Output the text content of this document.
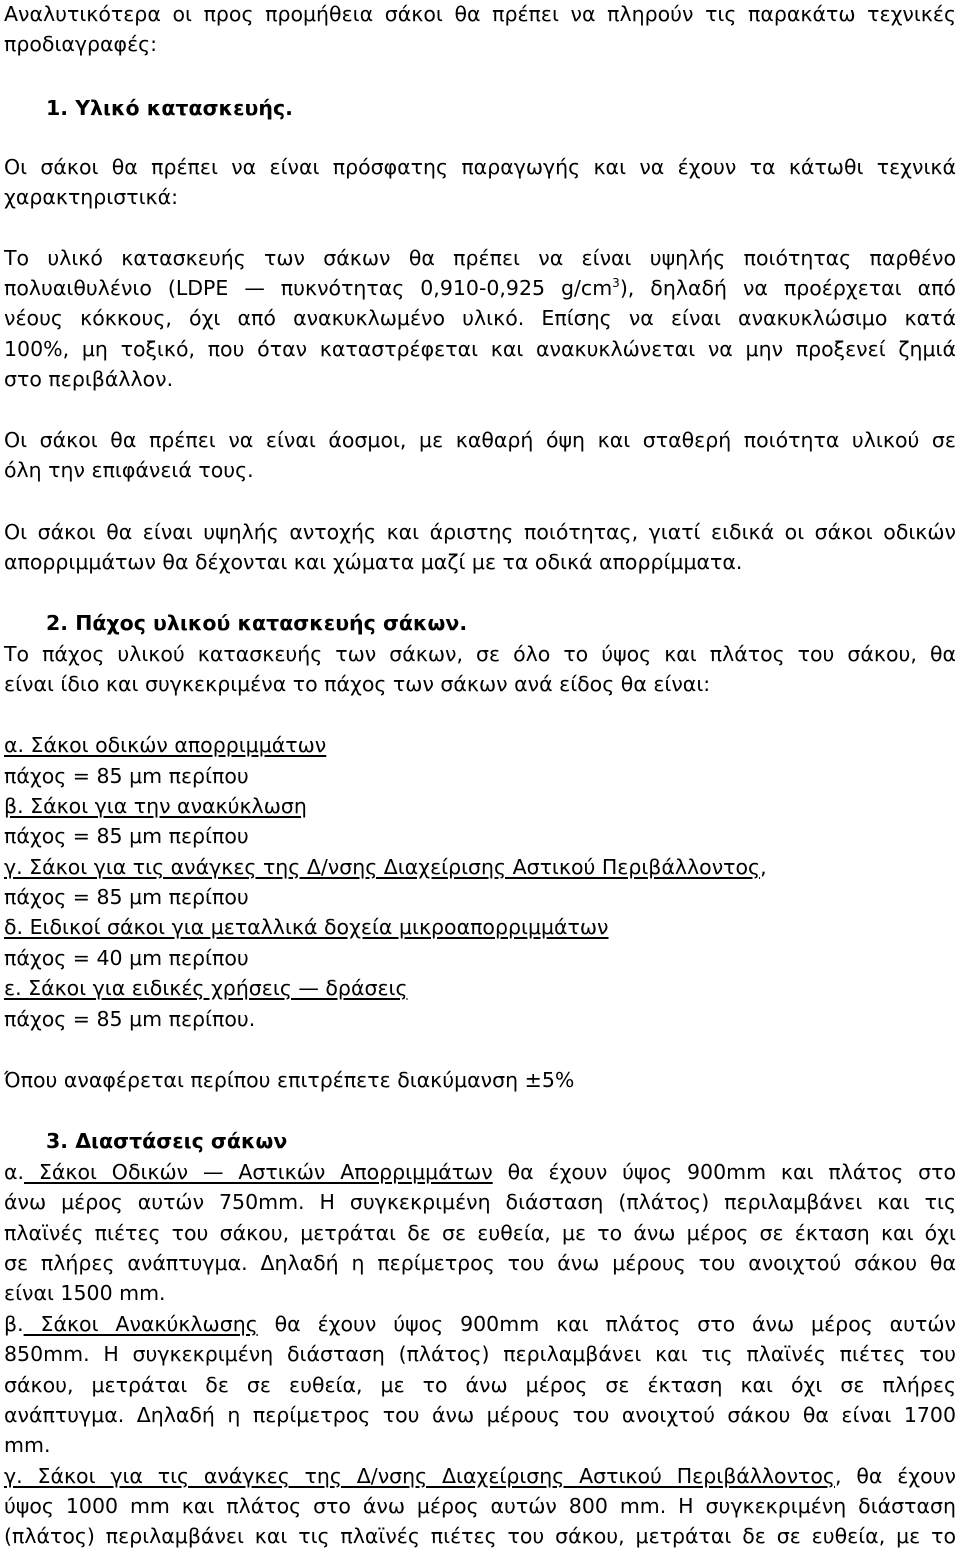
Αναλυτικότερα οι προς προμήθεια σάκοι θα πρέπει να πληρούν τις παρακάτω τεχνικές
προδιαγραφές:
1. Υλικό κατασκευής.
Οι σάκοι θα πρέπει να είναι πρόσφατης παραγωγής και να έχουν τα κάτωθι τεχνικά
χαρακτηριστικά:
Το υλικό κατασκευής των σάκων θα πρέπει να είναι υψηλής ποιότητας παρθένο
πολυαιθυλένιο (LDPE — πυκνότητας 0,910-0,925 $g/cm^3$), δηλαδή να προέρχεται από
νέους κόκκους, όχι από ανακυκλωμένο υλικό. Επίσης να είναι ανακυκλώσιμο κατά
100%, μη τοξικό, που όταν καταστρέφεται και ανακυκλώνεται να μην προξενεί ζημιά
στο περιβάλλον.
Οι σάκοι θα πρέπει να είναι άοσμοι, με καθαρή όψη και σταθερή ποιότητα υλικού σε
όλη την επιφάνειά τους.
Οι σάκοι θα είναι υψηλής αντοχής και άριστης ποιότητας, γιατί ειδικά οι σάκοι οδικών
απορριμμάτων θα δέχονται και χώματα μαζί με τα οδικά απορρίμματα.
2. Πάχος υλικού κατασκευής σάκων.
Το πάχος υλικού κατασκευής των σάκων, σε όλο το ύψος και πλάτος του σάκου, θα
είναι ίδιο και συγκεκριμένα το πάχος των σάκων ανά είδος θα είναι:
α. Σάκοι οδικών απορριμμάτων
πάχος = 85 μm περίπου
β. Σάκοι για την ανακύκλωση
πάχος = 85 μm περίπου
γ. Σάκοι για τις ανάγκες της Δ/νσης Διαχείρισης Αστικού Περιβάλλοντος,
πάχος = 85 μm περίπου
δ. Ειδικοί σάκοι για μεταλλικά δοχεία μικροαπορριμμάτων
πάχος = 40 μm περίπου
ε. Σάκοι για ειδικές χρήσεις — δράσεις
πάχος = 85 μm περίπου.
Όπου αναφέρεται περίπου επιτρέπετε διακύμανση ±5%
3. Διαστάσεις σάκων
α. Σάκοι Οδικών — Αστικών Απορριμμάτων θα έχουν ύψος 900mm και πλάτος στο
άνω μέρος αυτών 750mm. Η συγκεκριμένη διάσταση (πλάτος) περιλαμβάνει και τις
πλαϊνές πιέτες του σάκου, μετράται δε σε ευθεία, με το άνω μέρος σε έκταση και όχι
σε πλήρες ανάπτυγμα. Δηλαδή η περίμετρος του άνω μέρους του ανοιχτού σάκου θα
είναι 1500 mm.
β. Σάκοι Ανακύκλωσης θα έχουν ύψος 900mm και πλάτος στο άνω μέρος αυτών
850mm. Η συγκεκριμένη διάσταση (πλάτος) περιλαμβάνει και τις πλαϊνές πιέτες του
σάκου, μετράται δε σε ευθεία, με το άνω μέρος σε έκταση και όχι σε πλήρες
ανάπτυγμα. Δηλαδή η περίμετρος του άνω μέρους του ανοιχτού σάκου θα είναι 1700
mm.
γ. Σάκοι για τις ανάγκες της Δ/νσης Διαχείρισης Αστικού Περιβάλλοντος, θα έχουν
ύψος 1000 mm και πλάτος στο άνω μέρος αυτών 800 mm. Η συγκεκριμένη διάσταση
(πλάτος) περιλαμβάνει και τις πλαϊνές πιέτες του σάκου, μετράται δε σε ευθεία, με το
